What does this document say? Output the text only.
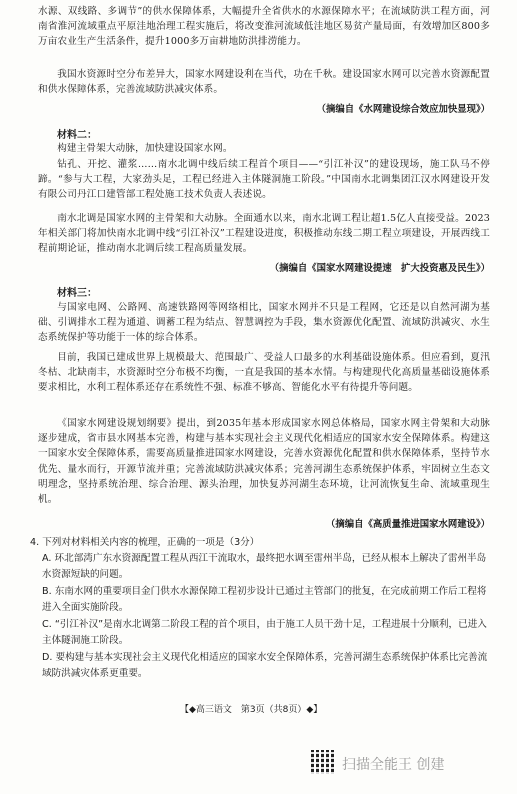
水源、双线路、多调节”的供水保障体系，大幅提升全省供水的水源保障水平；在流域防洪工程方面，河南省淮河流域重点平原洼地治理工程实施后，将改变淮河流域低洼地区易贫产量局面，有效增加区800多万亩农业生产生活条件，提升1000多万亩耕地防洪排涝能力。
我国水资源时空分布差异大，国家水网建设利在当代，功在千秋。建设国家水网可以完善水资源配置和供水保障体系，完善流域防洪减灾体系。
（摘编自《水网建设综合效应加快显现》）
材料二：
构建主骨架大动脉，加快建设国家水网。
钻孔、开挖、灌浆……南水北调中线后续工程首个项目——“引江补汉”的建设现场，施工队马不停蹄。“参与大工程，大家劲头足，工程已经进入主体隧洞施工阶段。”中国南水北调集团江汉水网建设开发有限公司丹江口建管部工程处施工技术负责人表述说。
南水北调是国家水网的主骨架和大动脉。全面通水以来，南水北调工程让超1.5亿人直接受益。2023年相关部门将加快南水北调中线“引江补汉”工程建设进度，积极推动东线二期工程立项建设，开展西线工程前期论证，推动南水北调后续工程高质量发展。
（摘编自《国家水网建设提速　扩大投资惠及民生》）
材料三：
与国家电网、公路网、高速铁路网等网络相比，国家水网并不只是工程网，它还是以自然河湖为基础、引调排水工程为通道、调蓄工程为结点、智慧调控为手段，集水资源优化配置、流域防洪减灾、水生态系统保护等功能于一体的综合体系。
目前，我国已建成世界上规模最大、范围最广、受益人口最多的水利基础设施体系。但应看到，夏汛冬枯、北缺南丰，水资源时空分布极不均衡，一直是我国的基本水情。与构建现代化高质量基础设施体系要求相比，水利工程体系还存在系统性不强、标准不够高、智能化水平有待提升等问题。
《国家水网建设规划纲要》提出，到2035年基本形成国家水网总体格局，国家水网主骨架和大动脉逐步建成，省市县水网基本完善，构建与基本实现社会主义现代化相适应的国家水安全保障体系。构建这一国家水安全保障体系，需要高质量推进国家水网建设，完善水资源优化配置和供水保障体系，坚持节水优先、量水而行，开源节流并重；完善流域防洪减灾体系；完善河湖生态系统保护体系，牢固树立生态文明理念，坚持系统治理、综合治理、源头治理，加快复苏河湖生态环境，让河流恢复生命、流域重现生机。
（摘编自《高质量推进国家水网建设》）
4. 下列对材料相关内容的梳理，正确的一项是（3分）
A. 环北部湾广东水资源配置工程从西江干流取水，最终把水调至雷州半岛，已经从根本上解决了雷州半岛水资源短缺的问题。
B. 东南水网的重要项目金门供水水源保障工程初步设计已通过主管部门的批复，在完成前期工作后工程将进入全面实施阶段。
C. “引江补汉”是南水北调第二阶段工程的首个项目，由于施工人员干劲十足，工程进展十分顺利，已进入主体隧洞施工阶段。
D. 要构建与基本实现社会主义现代化相适应的国家水安全保障体系，完善河湖生态系统保护体系比完善流域防洪减灾体系更重要。
【◆高三语文　第3页（共8页）◆】
扫描全能王 创建
